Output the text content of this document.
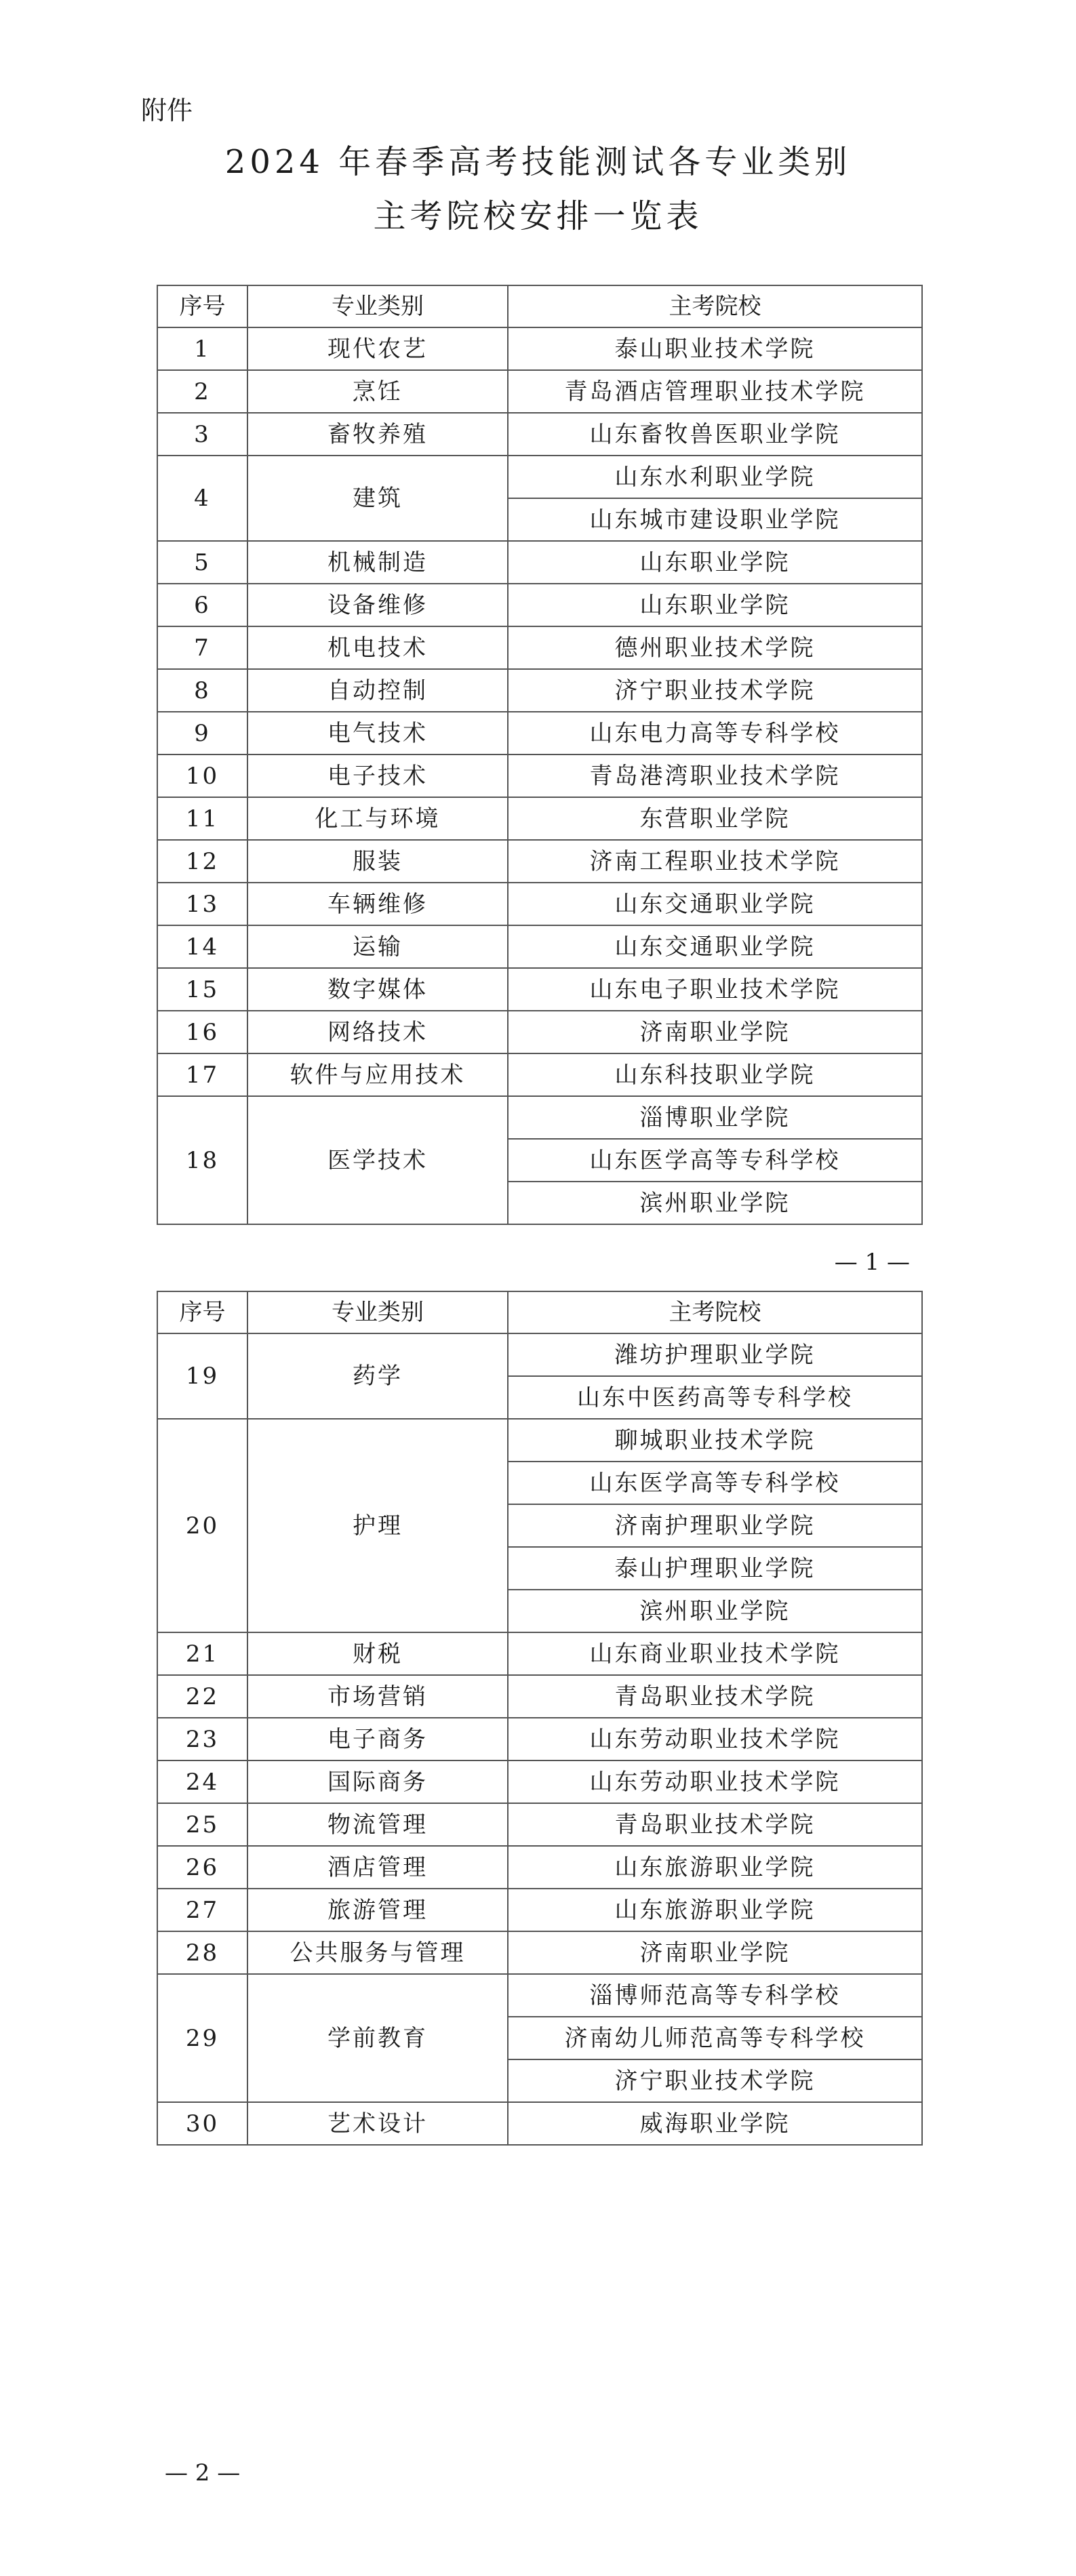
附件
2024 年春季高考技能测试各专业类别
主考院校安排一览表
序号	专业类别	主考院校
1	现代农艺	泰山职业技术学院
2	烹饪	青岛酒店管理职业技术学院
3	畜牧养殖	山东畜牧兽医职业学院
4	建筑	山东水利职业学院
		山东城市建设职业学院
5	机械制造	山东职业学院
6	设备维修	山东职业学院
7	机电技术	德州职业技术学院
8	自动控制	济宁职业技术学院
9	电气技术	山东电力高等专科学校
10	电子技术	青岛港湾职业技术学院
11	化工与环境	东营职业学院
12	服装	济南工程职业技术学院
13	车辆维修	山东交通职业学院
14	运输	山东交通职业学院
15	数字媒体	山东电子职业技术学院
16	网络技术	济南职业学院
17	软件与应用技术	山东科技职业学院
18	医学技术	淄博职业学院
		山东医学高等专科学校
		滨州职业学院
— 1 —
序号	专业类别	主考院校
19	药学	潍坊护理职业学院
		山东中医药高等专科学校
20	护理	聊城职业技术学院
		山东医学高等专科学校
		济南护理职业学院
		泰山护理职业学院
		滨州职业学院
21	财税	山东商业职业技术学院
22	市场营销	青岛职业技术学院
23	电子商务	山东劳动职业技术学院
24	国际商务	山东劳动职业技术学院
25	物流管理	青岛职业技术学院
26	酒店管理	山东旅游职业学院
27	旅游管理	山东旅游职业学院
28	公共服务与管理	济南职业学院
29	学前教育	淄博师范高等专科学校
		济南幼儿师范高等专科学校
		济宁职业技术学院
30	艺术设计	威海职业学院
— 2 —
